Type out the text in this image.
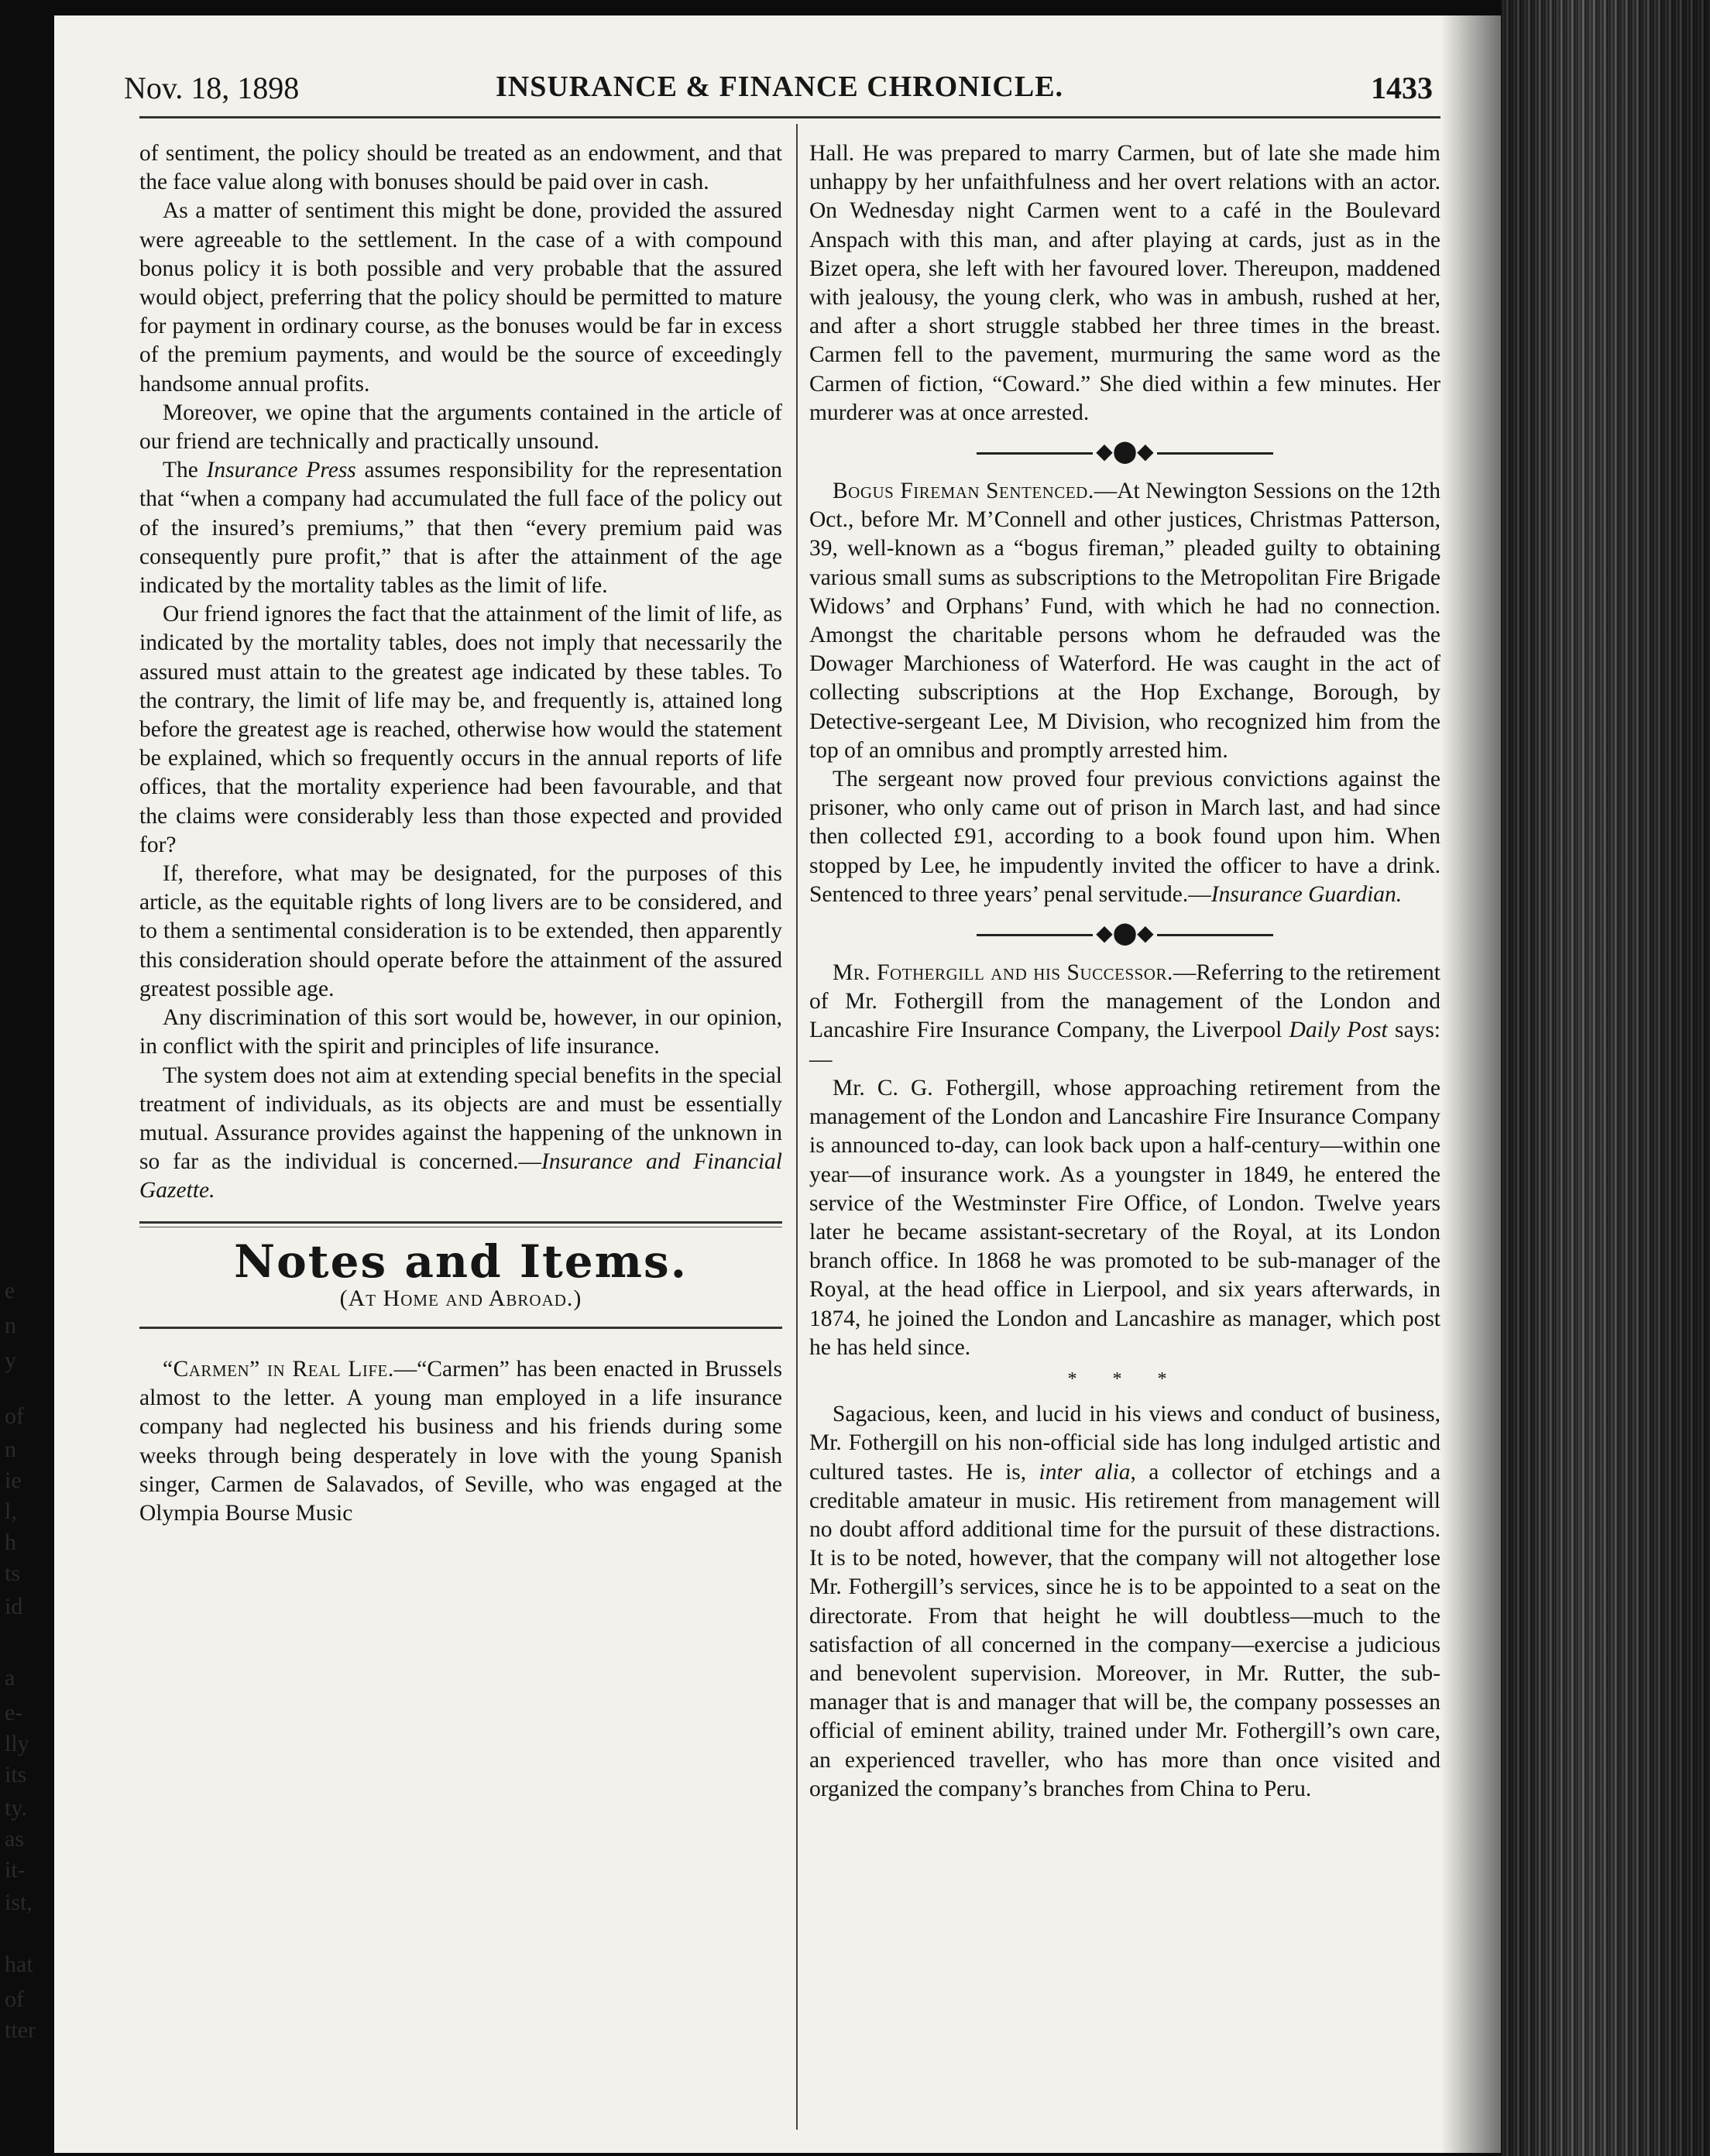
e
n
y
of
n
ie
l,
h
ts
id
a
e-
lly
its
ty.
as
it-
ist,
hat
of
tter
Nov. 18, 1898	INSURANCE & FINANCE CHRONICLE.	1433

of sentiment, the policy should be treated as an endowment, and that the face value along with bonuses should be paid over in cash.

As a matter of sentiment this might be done, provided the assured were agreeable to the settlement. In the case of a with compound bonus policy it is both possible and very probable that the assured would object, preferring that the policy should be permitted to mature for payment in ordinary course, as the bonuses would be far in excess of the premium payments, and would be the source of exceedingly handsome annual profits.

Moreover, we opine that the arguments contained in the article of our friend are technically and practically unsound.

The Insurance Press assumes responsibility for the representation that “when a company had accumulated the full face of the policy out of the insured’s premiums,” that then “every premium paid was consequently pure profit,” that is after the attainment of the age indicated by the mortality tables as the limit of life.

Our friend ignores the fact that the attainment of the limit of life, as indicated by the mortality tables, does not imply that necessarily the assured must attain to the greatest age indicated by these tables. To the contrary, the limit of life may be, and frequently is, attained long before the greatest age is reached, otherwise how would the statement be explained, which so frequently occurs in the annual reports of life offices, that the mortality experience had been favourable, and that the claims were considerably less than those expected and provided for?

If, therefore, what may be designated, for the purposes of this article, as the equitable rights of long livers are to be considered, and to them a sentimental consideration is to be extended, then apparently this consideration should operate before the attainment of the assured greatest possible age.

Any discrimination of this sort would be, however, in our opinion, in conflict with the spirit and principles of life insurance.

The system does not aim at extending special benefits in the special treatment of individuals, as its objects are and must be essentially mutual. Assurance provides against the happening of the unknown in so far as the individual is concerned.—Insurance and Financial Gazette.

Notes and Items.
(At Home and Abroad.)

“Carmen” in Real Life.—“Carmen” has been enacted in Brussels almost to the letter. A young man employed in a life insurance company had neglected his business and his friends during some weeks through being desperately in love with the young Spanish singer, Carmen de Salavados, of Seville, who was engaged at the Olympia Bourse Music

Hall. He was prepared to marry Carmen, but of late she made him unhappy by her unfaithfulness and her overt relations with an actor. On Wednesday night Carmen went to a café in the Boulevard Anspach with this man, and after playing at cards, just as in the Bizet opera, she left with her favoured lover. Thereupon, maddened with jealousy, the young clerk, who was in ambush, rushed at her, and after a short struggle stabbed her three times in the breast. Carmen fell to the pavement, murmuring the same word as the Carmen of fiction, “Coward.” She died within a few minutes. Her murderer was at once arrested.

◆⬤◆

Bogus Fireman Sentenced.—At Newington Sessions on the 12th Oct., before Mr. M’Connell and other justices, Christmas Patterson, 39, well-known as a “bogus fireman,” pleaded guilty to obtaining various small sums as subscriptions to the Metropolitan Fire Brigade Widows’ and Orphans’ Fund, with which he had no connection. Amongst the charitable persons whom he defrauded was the Dowager Marchioness of Waterford. He was caught in the act of collecting subscriptions at the Hop Exchange, Borough, by Detective-sergeant Lee, M Division, who recognized him from the top of an omnibus and promptly arrested him.

The sergeant now proved four previous convictions against the prisoner, who only came out of prison in March last, and had since then collected £91, according to a book found upon him. When stopped by Lee, he impudently invited the officer to have a drink. Sentenced to three years’ penal servitude.—Insurance Guardian.

◆⬤◆

Mr. Fothergill and his Successor.—Referring to the retirement of Mr. Fothergill from the management of the London and Lancashire Fire Insurance Company, the Liverpool Daily Post says:—

Mr. C. G. Fothergill, whose approaching retirement from the management of the London and Lancashire Fire Insurance Company is announced to-day, can look back upon a half-century—within one year—of insurance work. As a youngster in 1849, he entered the service of the Westminster Fire Office, of London. Twelve years later he became assistant-secretary of the Royal, at its London branch office. In 1868 he was promoted to be sub-manager of the Royal, at the head office in Lierpool, and six years afterwards, in 1874, he joined the London and Lancashire as manager, which post he has held since.

* * *

Sagacious, keen, and lucid in his views and conduct of business, Mr. Fothergill on his non-official side has long indulged artistic and cultured tastes. He is, inter alia, a collector of etchings and a creditable amateur in music. His retirement from management will no doubt afford additional time for the pursuit of these distractions. It is to be noted, however, that the company will not altogether lose Mr. Fothergill’s services, since he is to be appointed to a seat on the directorate. From that height he will doubtless—much to the satisfaction of all concerned in the company—exercise a judicious and benevolent supervision. Moreover, in Mr. Rutter, the sub-manager that is and manager that will be, the company possesses an official of eminent ability, trained under Mr. Fothergill’s own care, an experienced traveller, who has more than once visited and organized the company’s branches from China to Peru.
